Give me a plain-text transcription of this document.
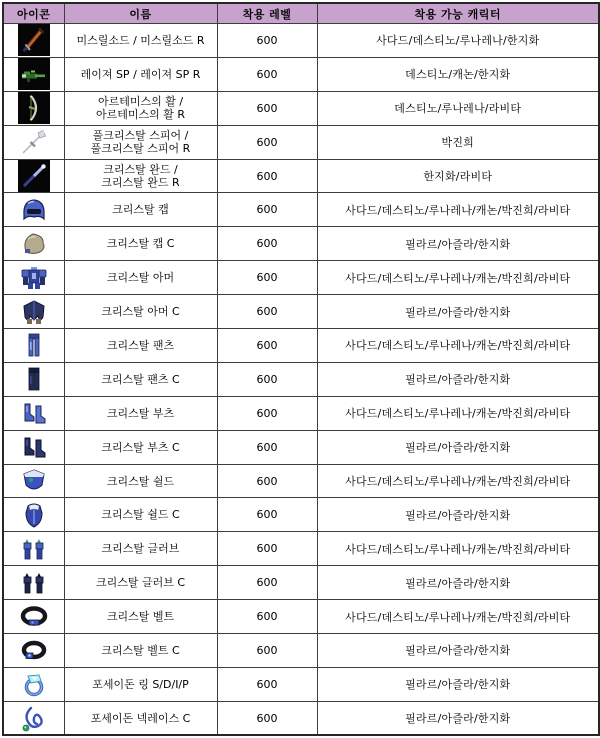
아이콘	이름	착용 레벨	착용 가능 캐릭터

미스릴소드 / 미스릴소드 R	600	사다드/데스티노/루나레나/한지화

레이져 SP / 레이져 SP R	600	데스티노/캐논/한지화

아르테미스의 활 /
아르테미스의 활 R	600	데스티노/루나레나/라비타

풀크리스탈 스피어 /
풀크리스탈 스피어 R	600	박진희

크리스탈 완드 /
크리스탈 완드 R	600	한지화/라비타

크리스탈 캡	600	사다드/데스티노/루나레나/캐논/박진희/라비타

크리스탈 캡 C	600	필라르/아즐라/한지화

크리스탈 아머	600	사다드/데스티노/루나레나/캐논/박진희/라비타

크리스탈 아머 C	600	필라르/아즐라/한지화

크리스탈 팬츠	600	사다드/데스티노/루나레나/캐논/박진희/라비타

크리스탈 팬츠 C	600	필라르/아즐라/한지화

크리스탈 부츠	600	사다드/데스티노/루나레나/캐논/박진희/라비타

크리스탈 부츠 C	600	필라르/아즐라/한지화

크리스탈 쉴드	600	사다드/데스티노/루나레나/캐논/박진희/라비타

크리스탈 쉴드 C	600	필라르/아즐라/한지화

크리스탈 글러브	600	사다드/데스티노/루나레나/캐논/박진희/라비타

크리스탈 글러브 C	600	필라르/아즐라/한지화

크리스탈 벨트	600	사다드/데스티노/루나레나/캐논/박진희/라비타

크리스탈 벨트 C	600	필라르/아즐라/한지화

포세이돈 링 S/D/I/P	600	필라르/아즐라/한지화

포세이돈 넥레이스 C	600	필라르/아즐라/한지화
